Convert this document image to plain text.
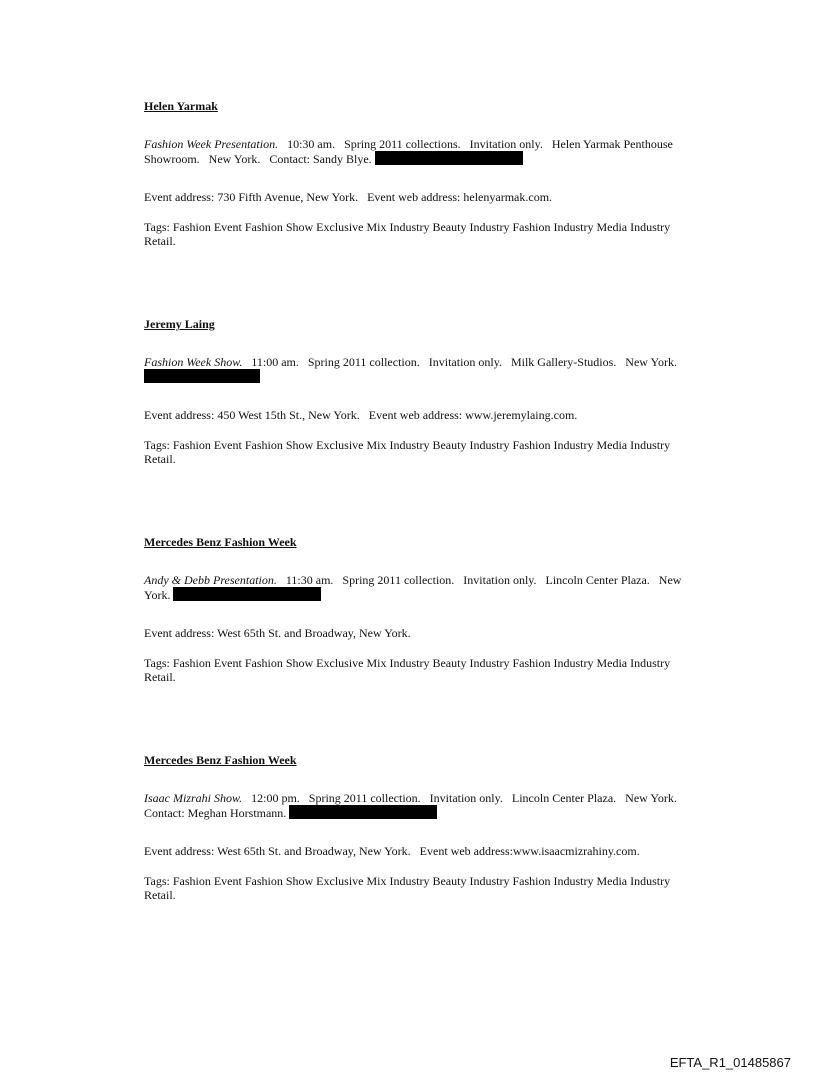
Helen Yarmak

Fashion Week Presentation.   10:30 am.   Spring 2011 collections.   Invitation only.   Helen Yarmak Penthouse Showroom.   New York.   Contact: Sandy Blye.

Event address: 730 Fifth Avenue, New York.   Event web address: helenyarmak.com.

Tags: Fashion Event Fashion Show Exclusive Mix Industry Beauty Industry Fashion Industry Media Industry Retail.

Jeremy Laing

Fashion Week Show.   11:00 am.   Spring 2011 collection.   Invitation only.   Milk Gallery-Studios.   New York.

Event address: 450 West 15th St., New York.   Event web address: www.jeremylaing.com.

Tags: Fashion Event Fashion Show Exclusive Mix Industry Beauty Industry Fashion Industry Media Industry Retail.

Mercedes Benz Fashion Week

Andy & Debb Presentation.   11:30 am.   Spring 2011 collection.   Invitation only.   Lincoln Center Plaza.   New York.

Event address: West 65th St. and Broadway, New York.

Tags: Fashion Event Fashion Show Exclusive Mix Industry Beauty Industry Fashion Industry Media Industry Retail.

Mercedes Benz Fashion Week

Isaac Mizrahi Show.   12:00 pm.   Spring 2011 collection.   Invitation only.   Lincoln Center Plaza.   New York.   Contact: Meghan Horstmann.

Event address: West 65th St. and Broadway, New York.   Event web address:www.isaacmizrahiny.com.

Tags: Fashion Event Fashion Show Exclusive Mix Industry Beauty Industry Fashion Industry Media Industry Retail.

EFTA_R1_01485867
